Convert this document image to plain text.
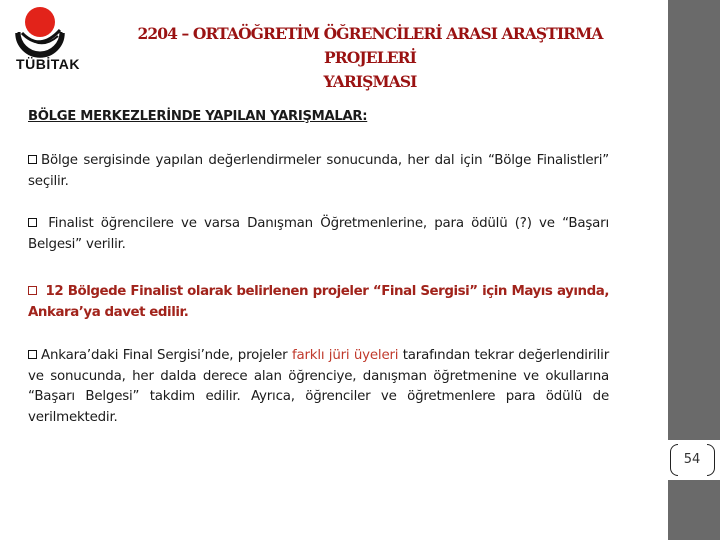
TÜBİTAK
2204 – ORTAÖĞRETİM ÖĞRENCİLERİ ARASI ARAŞTIRMA PROJELERİ
YARIŞMASI
BÖLGE MERKEZLERİNDE YAPILAN YARIŞMALAR:
Bölge sergisinde yapılan değerlendirmeler sonucunda, her dal için “Bölge Finalistleri” seçilir.
Finalist öğrencilere ve varsa Danışman Öğretmenlerine, para ödülü (?) ve “Başarı Belgesi” verilir.
12 Bölgede Finalist olarak belirlenen projeler “Final Sergisi” için Mayıs ayında, Ankara’ya davet edilir.
Ankara’daki Final Sergisi’nde, projeler farklı jüri üyeleri tarafından tekrar değerlendirilir ve sonucunda, her dalda derece alan öğrenciye, danışman öğretmenine ve okullarına “Başarı Belgesi” takdim edilir. Ayrıca, öğrenciler ve öğretmenlere para ödülü de verilmektedir.
54
